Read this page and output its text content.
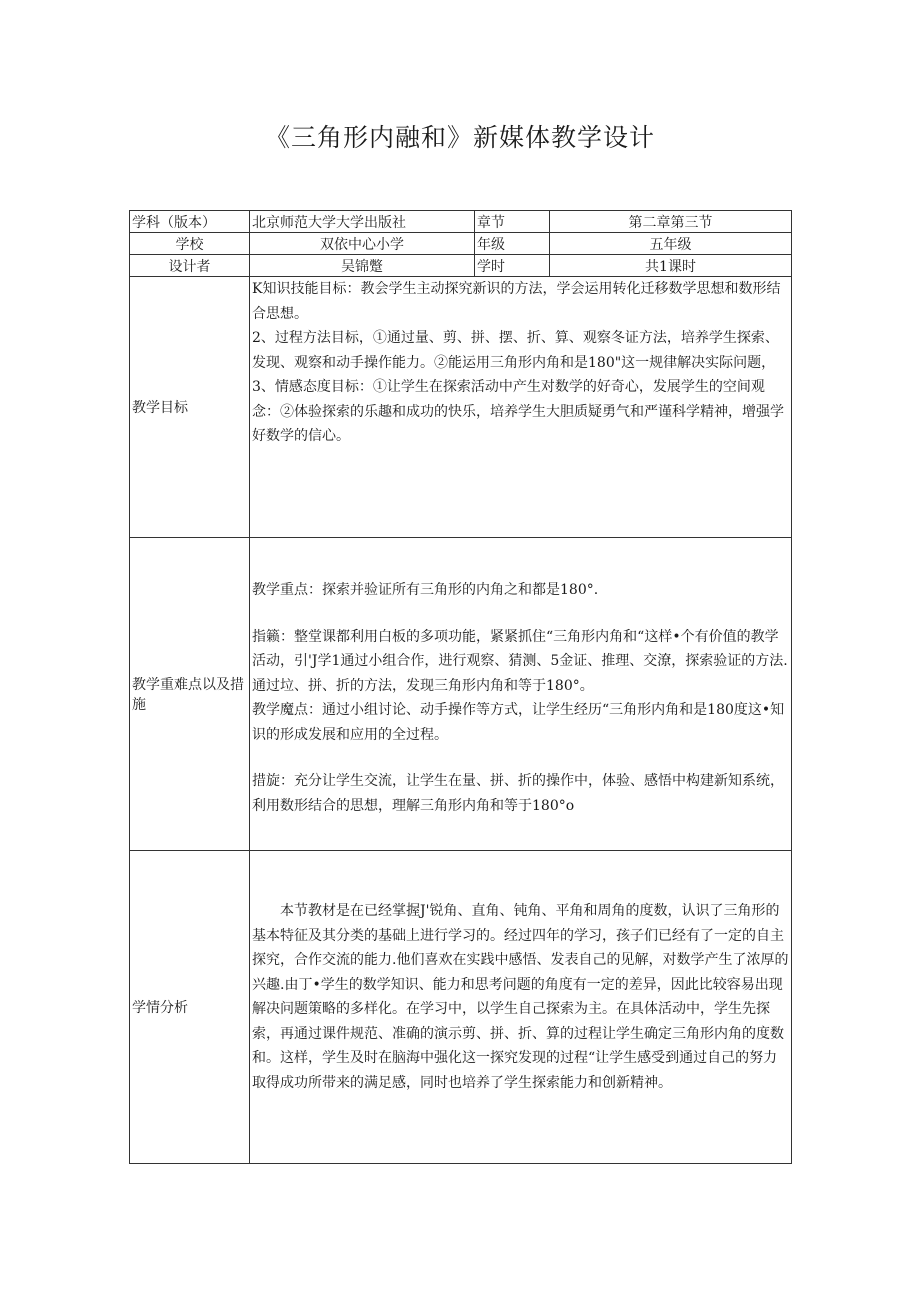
《三角形内融和》新媒体教学设计
学科（版本）	北京师范大学大学出版社	章节	第二章第三节
学校	双依中心小学	年级	五年级
设计者	吴锦蹩	学时	共1课时
教学目标	K知识技能目标：教会学生主动探究新识的方法，学会运用转化迁移数学思想和数形结合思想。

2、过程方法目标，①通过量、剪、拼、摆、折、算、观察冬证方法，培养学生探索、发现、观察和动手操作能力。②能运用三角形内角和是180"这一规律解决实际问题，

3、情感态度目标：①让学生在探索活动中产生对数学的好奇心，发展学生的空间观念：②体验探索的乐趣和成功的快乐，培养学生大胆质疑勇气和严谨科学精神，增强学好数学的信心。		

教学重难点以及措施	教学重点：探索并验证所有三角形的内角之和都是180°.

指籁：整堂课都利用白板的多项功能，紧紧抓住“三角形内角和“这样•个有价值的教学活动，引'J学1通过小组合作，进行观察、猜测、5金证、推理、交潦，探索验证的方法.通过垃、拼、折的方法，发现三角形内角和等于180°。

教学魔点：通过小组讨论、动手操作等方式，让学生经历“三角形内角和是180度这•知识的形成发展和应用的全过程。

措旋：充分让学生交流，让学生在量、拼、折的操作中，体验、感悟中构建新知系统，利用数形结合的思想，理解三角形内角和等于180°o		

学情分析	本节教材是在已经掌握J'锐角、直角、钝角、平角和周角的度数，认识了三角形的基本特征及其分类的基础上进行学习的。经过四年的学习，孩子们已经有了一定的自主探究，合作交流的能力.他们喜欢在实践中感悟、发表自己的见解，对数学产生了浓厚的兴趣.由丁•学生的数学知识、能力和思考问题的角度有一定的差异，因此比较容易出现解决问题策略的多样化。在学习中，以学生自己探索为主。在具体活动中，学生先探索，再通过课件规范、准确的演示剪、拼、折、算的过程让学生确定三角形内角的度数和。这样，学生及时在脑海中强化这一探究发现的过程“让学生感受到通过自己的努力取得成功所带来的满足感，同时也培养了学生探索能力和创新精神。		
